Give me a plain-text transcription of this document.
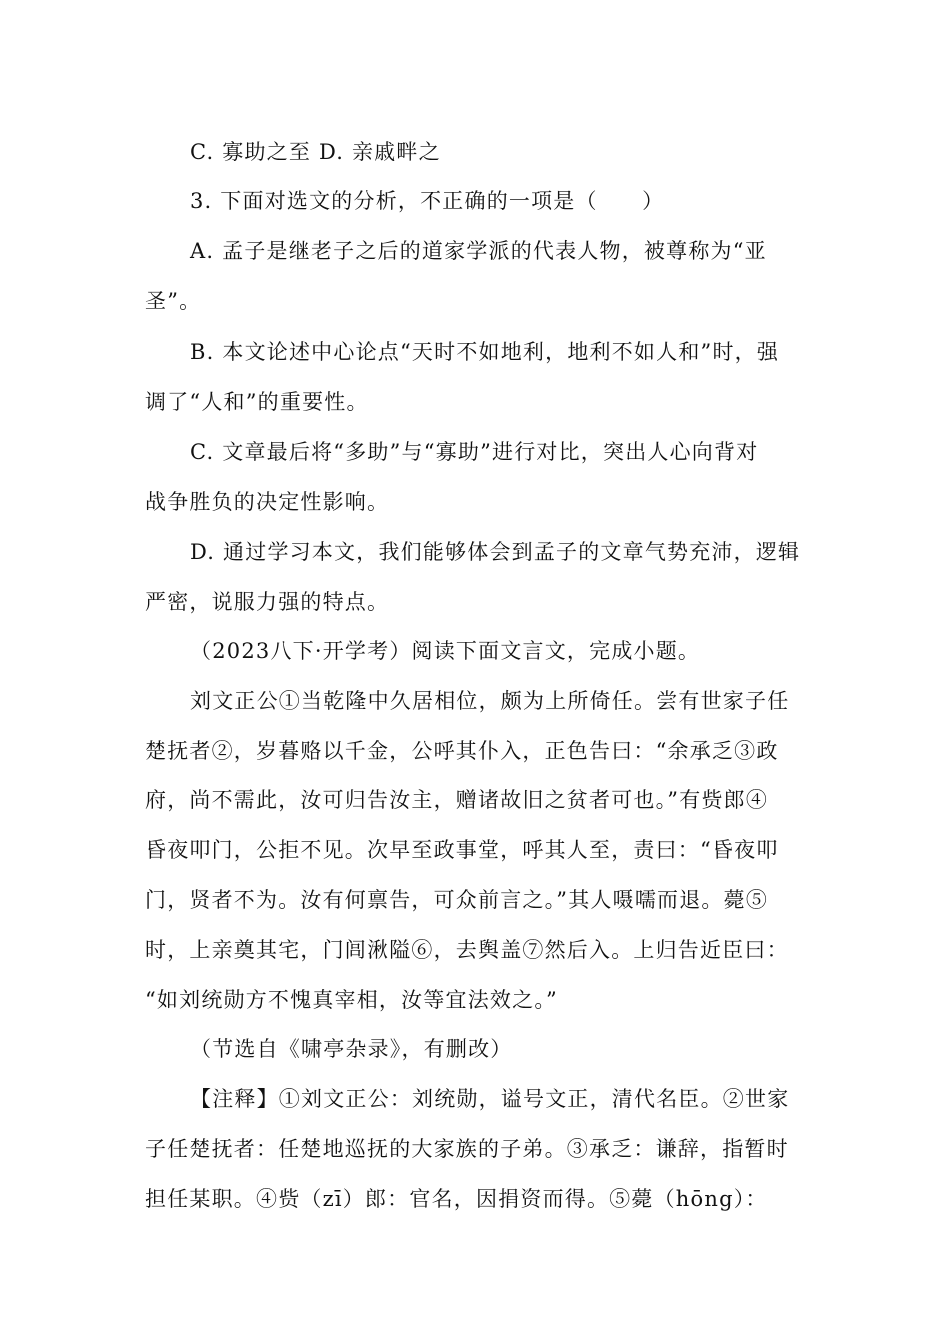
C. 寡助之至 D. 亲戚畔之
3. 下面对选文的分析，不正确的一项是（　　）
A. 孟子是继老子之后的道家学派的代表人物，被尊称为“亚
圣”。
B. 本文论述中心论点“天时不如地利，地利不如人和”时，强
调了“人和”的重要性。
C. 文章最后将“多助”与“寡助”进行对比，突出人心向背对
战争胜负的决定性影响。
D. 通过学习本文，我们能够体会到孟子的文章气势充沛，逻辑
严密，说服力强的特点。
（2023八下·开学考）阅读下面文言文，完成小题。
刘文正公①当乾隆中久居相位，颇为上所倚任。尝有世家子任
楚抚者②，岁暮赂以千金，公呼其仆入，正色告曰：“余承乏③政
府，尚不需此，汝可归告汝主，赠诸故旧之贫者可也。”有赀郎④
昏夜叩门，公拒不见。次早至政事堂，呼其人至，责曰：“昏夜叩
门，贤者不为。汝有何禀告，可众前言之。”其人嗫嚅而退。薨⑤
时，上亲奠其宅，门闾湫隘⑥，去舆盖⑦然后入。上归告近臣曰：
“如刘统勋方不愧真宰相，汝等宜法效之。”
（节选自《啸亭杂录》，有删改）
【注释】①刘文正公：刘统勋，谥号文正，清代名臣。②世家
子任楚抚者：任楚地巡抚的大家族的子弟。③承乏：谦辞，指暂时
担任某职。④赀（zī）郎：官名，因捐资而得。⑤薨（hōng）：
